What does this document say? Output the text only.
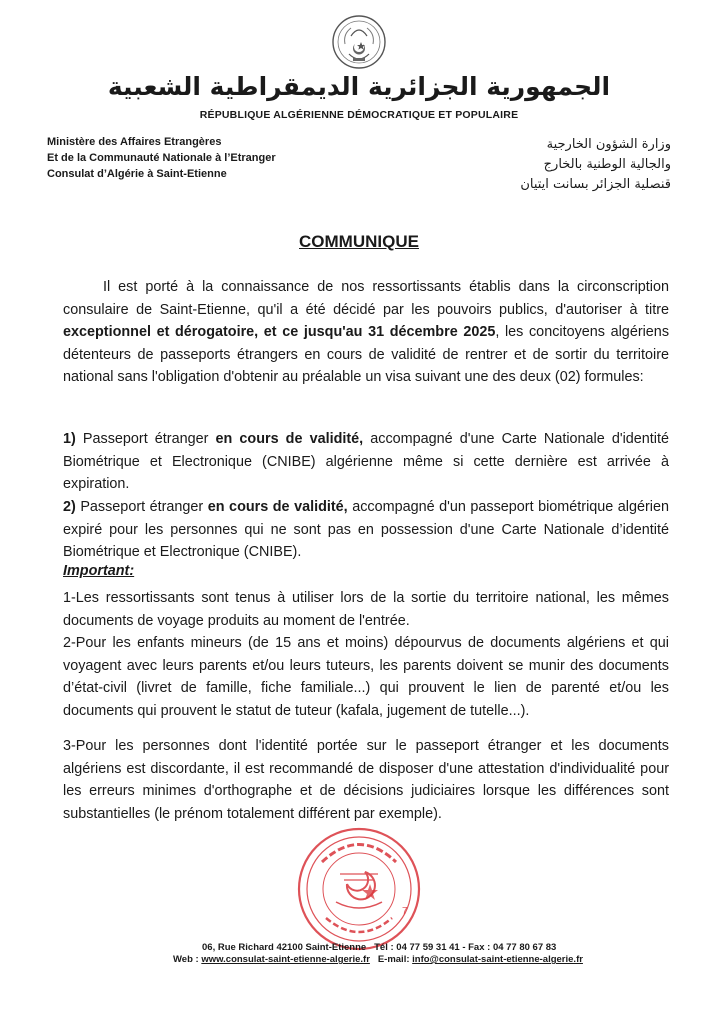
الجمهورية الجزائرية الديمقراطية الشعبية
RÉPUBLIQUE ALGÉRIENNE DÉMOCRATIQUE ET POPULAIRE
Ministère des Affaires Etrangères
Et de la Communauté Nationale à l’Etranger
Consulat d’Algérie à Saint-Etienne
وزارة الشؤون الخارجية
والجالية الوطنية بالخارج
قنصلية الجزائر بسانت ايتيان
COMMUNIQUE

Il est porté à la connaissance de nos ressortissants établis dans la circonscription consulaire de Saint-Etienne, qu'il a été décidé par les pouvoirs publics, d'autoriser à titre exceptionnel et dérogatoire, et ce jusqu'au 31 décembre 2025, les concitoyens algériens détenteurs de passeports étrangers en cours de validité de rentrer et de sortir du territoire national sans l'obligation d'obtenir au préalable un visa suivant une des deux (02) formules:

1) Passeport étranger en cours de validité, accompagné d'une Carte Nationale d'identité Biométrique et Electronique (CNIBE) algérienne même si cette dernière est arrivée à expiration.

2) Passeport étranger en cours de validité, accompagné d'un passeport biométrique algérien expiré pour les personnes qui ne sont pas en possession d'une Carte Nationale d’identité Biométrique et Electronique (CNIBE).

Important:

1-Les ressortissants sont tenus à utiliser lors de la sortie du territoire national, les mêmes documents de voyage produits au moment de l'entrée.

2-Pour les enfants mineurs (de 15 ans et moins) dépourvus de documents algériens et qui voyagent avec leurs parents et/ou leurs tuteurs, les parents doivent se munir des documents d’état-civil (livret de famille, fiche familiale...) qui prouvent le lien de parenté et/ou les documents qui prouvent le statut de tuteur (kafala, jugement de tutelle...).

3-Pour les personnes dont l'identité portée sur le passeport étranger et les documents algériens est discordante, il est recommandé de disposer d'une attestation d'individualité pour les erreurs minimes d'orthographe et de décisions judiciaires lorsque les différences sont substantielles (le prénom totalement différent par exemple).

7
06, Rue Richard 42100 Saint-Etienne Tél : 04 77 59 31 41 - Fax : 04 77 80 67 83
Web : www.consulat-saint-etienne-algerie.fr E-mail: info@consulat-saint-etienne-algerie.fr
